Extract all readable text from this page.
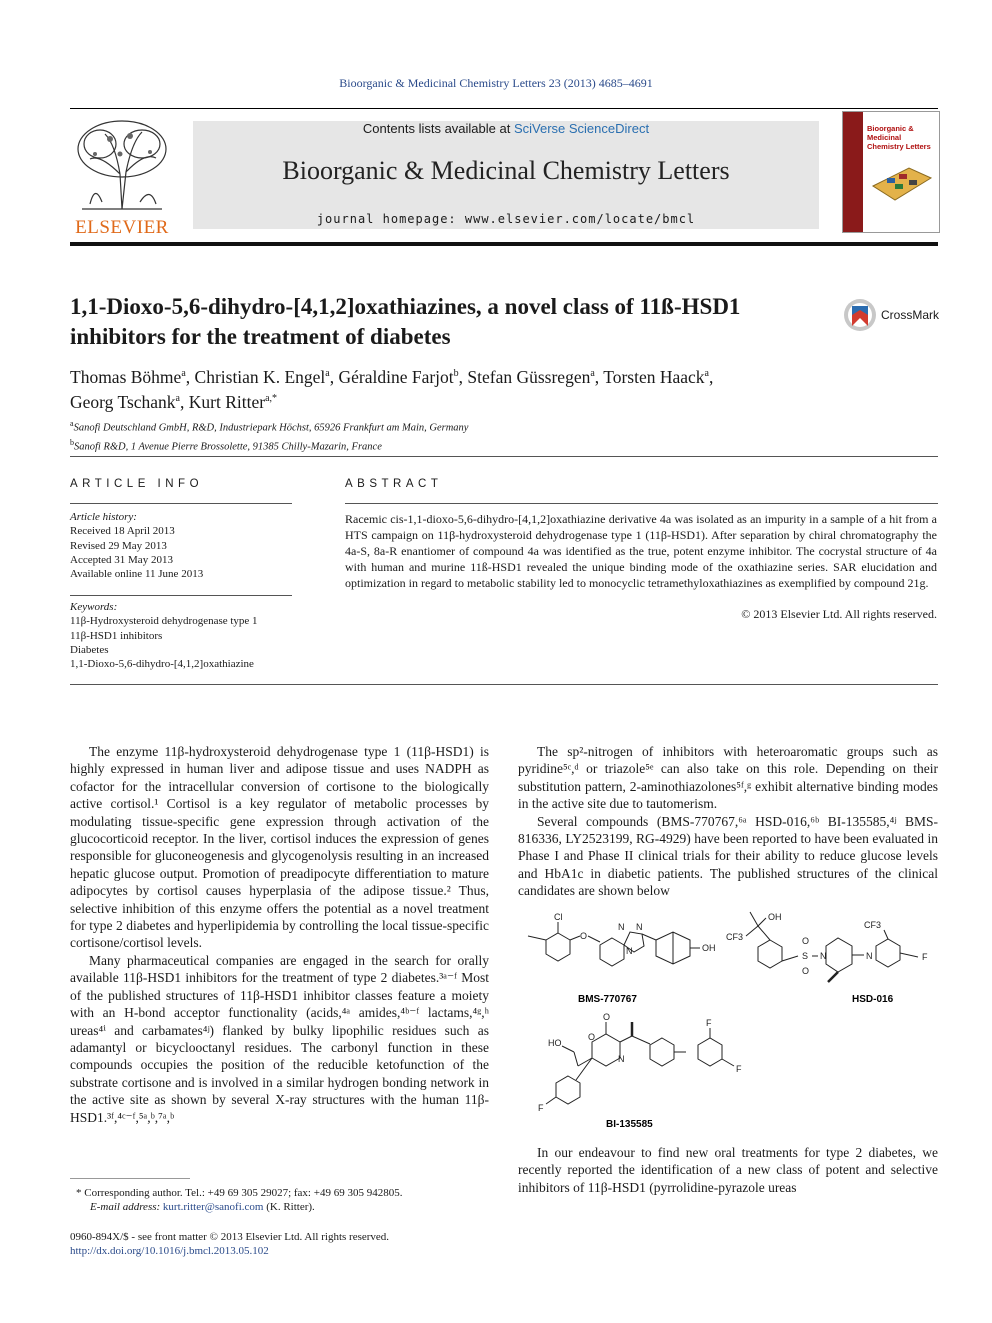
Bioorganic & Medicinal Chemistry Letters 23 (2013) 4685–4691
ELSEVIER
Contents lists available at SciVerse ScienceDirect
Bioorganic & Medicinal Chemistry Letters
journal homepage: www.elsevier.com/locate/bmcl
Bioorganic & Medicinal Chemistry Letters
1,1-Dioxo-5,6-dihydro-[4,1,2]oxathiazines, a novel class of 11ß-HSD1 inhibitors for the treatment of diabetes
CrossMark
Thomas Böhme$^a$, Christian K. Engel$^a$, Géraldine Farjot$^b$, Stefan Güssregen$^a$, Torsten Haack$^a$,
Georg Tschank$^a$, Kurt Ritter$^{a,*}$
$^a$Sanofi Deutschland GmbH, R&D, Industriepark Höchst, 65926 Frankfurt am Main, Germany
$^b$Sanofi R&D, 1 Avenue Pierre Brossolette, 91385 Chilly-Mazarin, France
ARTICLE INFO
Article history:
Received 18 April 2013
Revised 29 May 2013
Accepted 31 May 2013
Available online 11 June 2013
Keywords:
11β-Hydroxysteroid dehydrogenase type 1
11β-HSD1 inhibitors
Diabetes
1,1-Dioxo-5,6-dihydro-[4,1,2]oxathiazine
ABSTRACT
Racemic cis-1,1-dioxo-5,6-dihydro-[4,1,2]oxathiazine derivative 4a was isolated as an impurity in a sample of a hit from a HTS campaign on 11β-hydroxysteroid dehydrogenase type 1 (11β-HSD1). After separation by chiral chromatography the 4a-S, 8a-R enantiomer of compound 4a was identified as the true, potent enzyme inhibitor. The cocrystal structure of 4a with human and murine 11ß-HSD1 revealed the unique binding mode of the oxathiazine series. SAR elucidation and optimization in regard to metabolic stability led to monocyclic tetramethyloxathiazines as exemplified by compound 21g.
© 2013 Elsevier Ltd. All rights reserved.

The enzyme 11β-hydroxysteroid dehydrogenase type 1 (11β-HSD1) is highly expressed in human liver and adipose tissue and uses NADPH as cofactor for the intracellular conversion of cortisone to the biologically active cortisol.¹ Cortisol is a key regulator of metabolic processes by modulating tissue-specific gene expression through activation of the glucocorticoid receptor. In the liver, cortisol induces the expression of genes responsible for gluconeogenesis and glycogenolysis resulting in an increased hepatic glucose output. Promotion of preadipocyte differentiation to mature adipocytes by cortisol causes hyperplasia of the adipose tissue.² Thus, selective inhibition of this enzyme offers the potential as a novel treatment for type 2 diabetes and hyperlipidemia by controlling the local tissue-specific cortisone/cortisol levels.

Many pharmaceutical companies are engaged in the search for orally available 11β-HSD1 inhibitors for the treatment of type 2 diabetes.³ᵃ⁻ᶠ Most of the published structures of 11β-HSD1 inhibitor classes feature a moiety with an H-bond acceptor functionality (acids,⁴ᵃ amides,⁴ᵇ⁻ᶠ lactams,⁴ᵍ,ʰ ureas⁴ⁱ and carbamates⁴ʲ) flanked by bulky lipophilic residues such as adamantyl or bicyclooctanyl residues. The carbonyl function in these compounds occupies the position of the reducible ketofunction of the substrate cortisone and is involved in a similar hydrogen bonding network in the active site as shown by several X-ray structures with the human 11β-HSD1.³ᶠ,⁴ᶜ⁻ᶠ,⁵ᵃ,ᵇ,⁷ᵃ,ᵇ

The sp²-nitrogen of inhibitors with heteroaromatic groups such as pyridine⁵ᶜ,ᵈ or triazole⁵ᵉ can also take on this role. Depending on their substitution pattern, 2-aminothiazolones⁵ᶠ,ᵍ exhibit alternative binding modes in the active site due to tautomerism.

Several compounds (BMS-770767,⁶ᵃ HSD-016,⁶ᵇ BI-135585,⁴ʲ BMS-816336, LY2523199, RG-4929) have been reported to have been evaluated in Phase I and Phase II clinical trials for their ability to reduce glucose levels and HbA1c in diabetic patients. The published structures of the clinical candidates are shown below

Cl
O
N N
N	OH
OH
CF3	O
S
O
N	N
CF3
F
HO
O
O
N
F
F
F
BMS-770767	HSD-016
BI-135585

In our endeavour to find new oral treatments for type 2 diabetes, we recently reported the identification of a new class of potent and selective inhibitors of 11β-HSD1 (pyrrolidine-pyrazole ureas

* Corresponding author. Tel.: +49 69 305 29027; fax: +49 69 305 942805.
E-mail address: kurt.ritter@sanofi.com (K. Ritter).
0960-894X/$ - see front matter © 2013 Elsevier Ltd. All rights reserved.
http://dx.doi.org/10.1016/j.bmcl.2013.05.102
